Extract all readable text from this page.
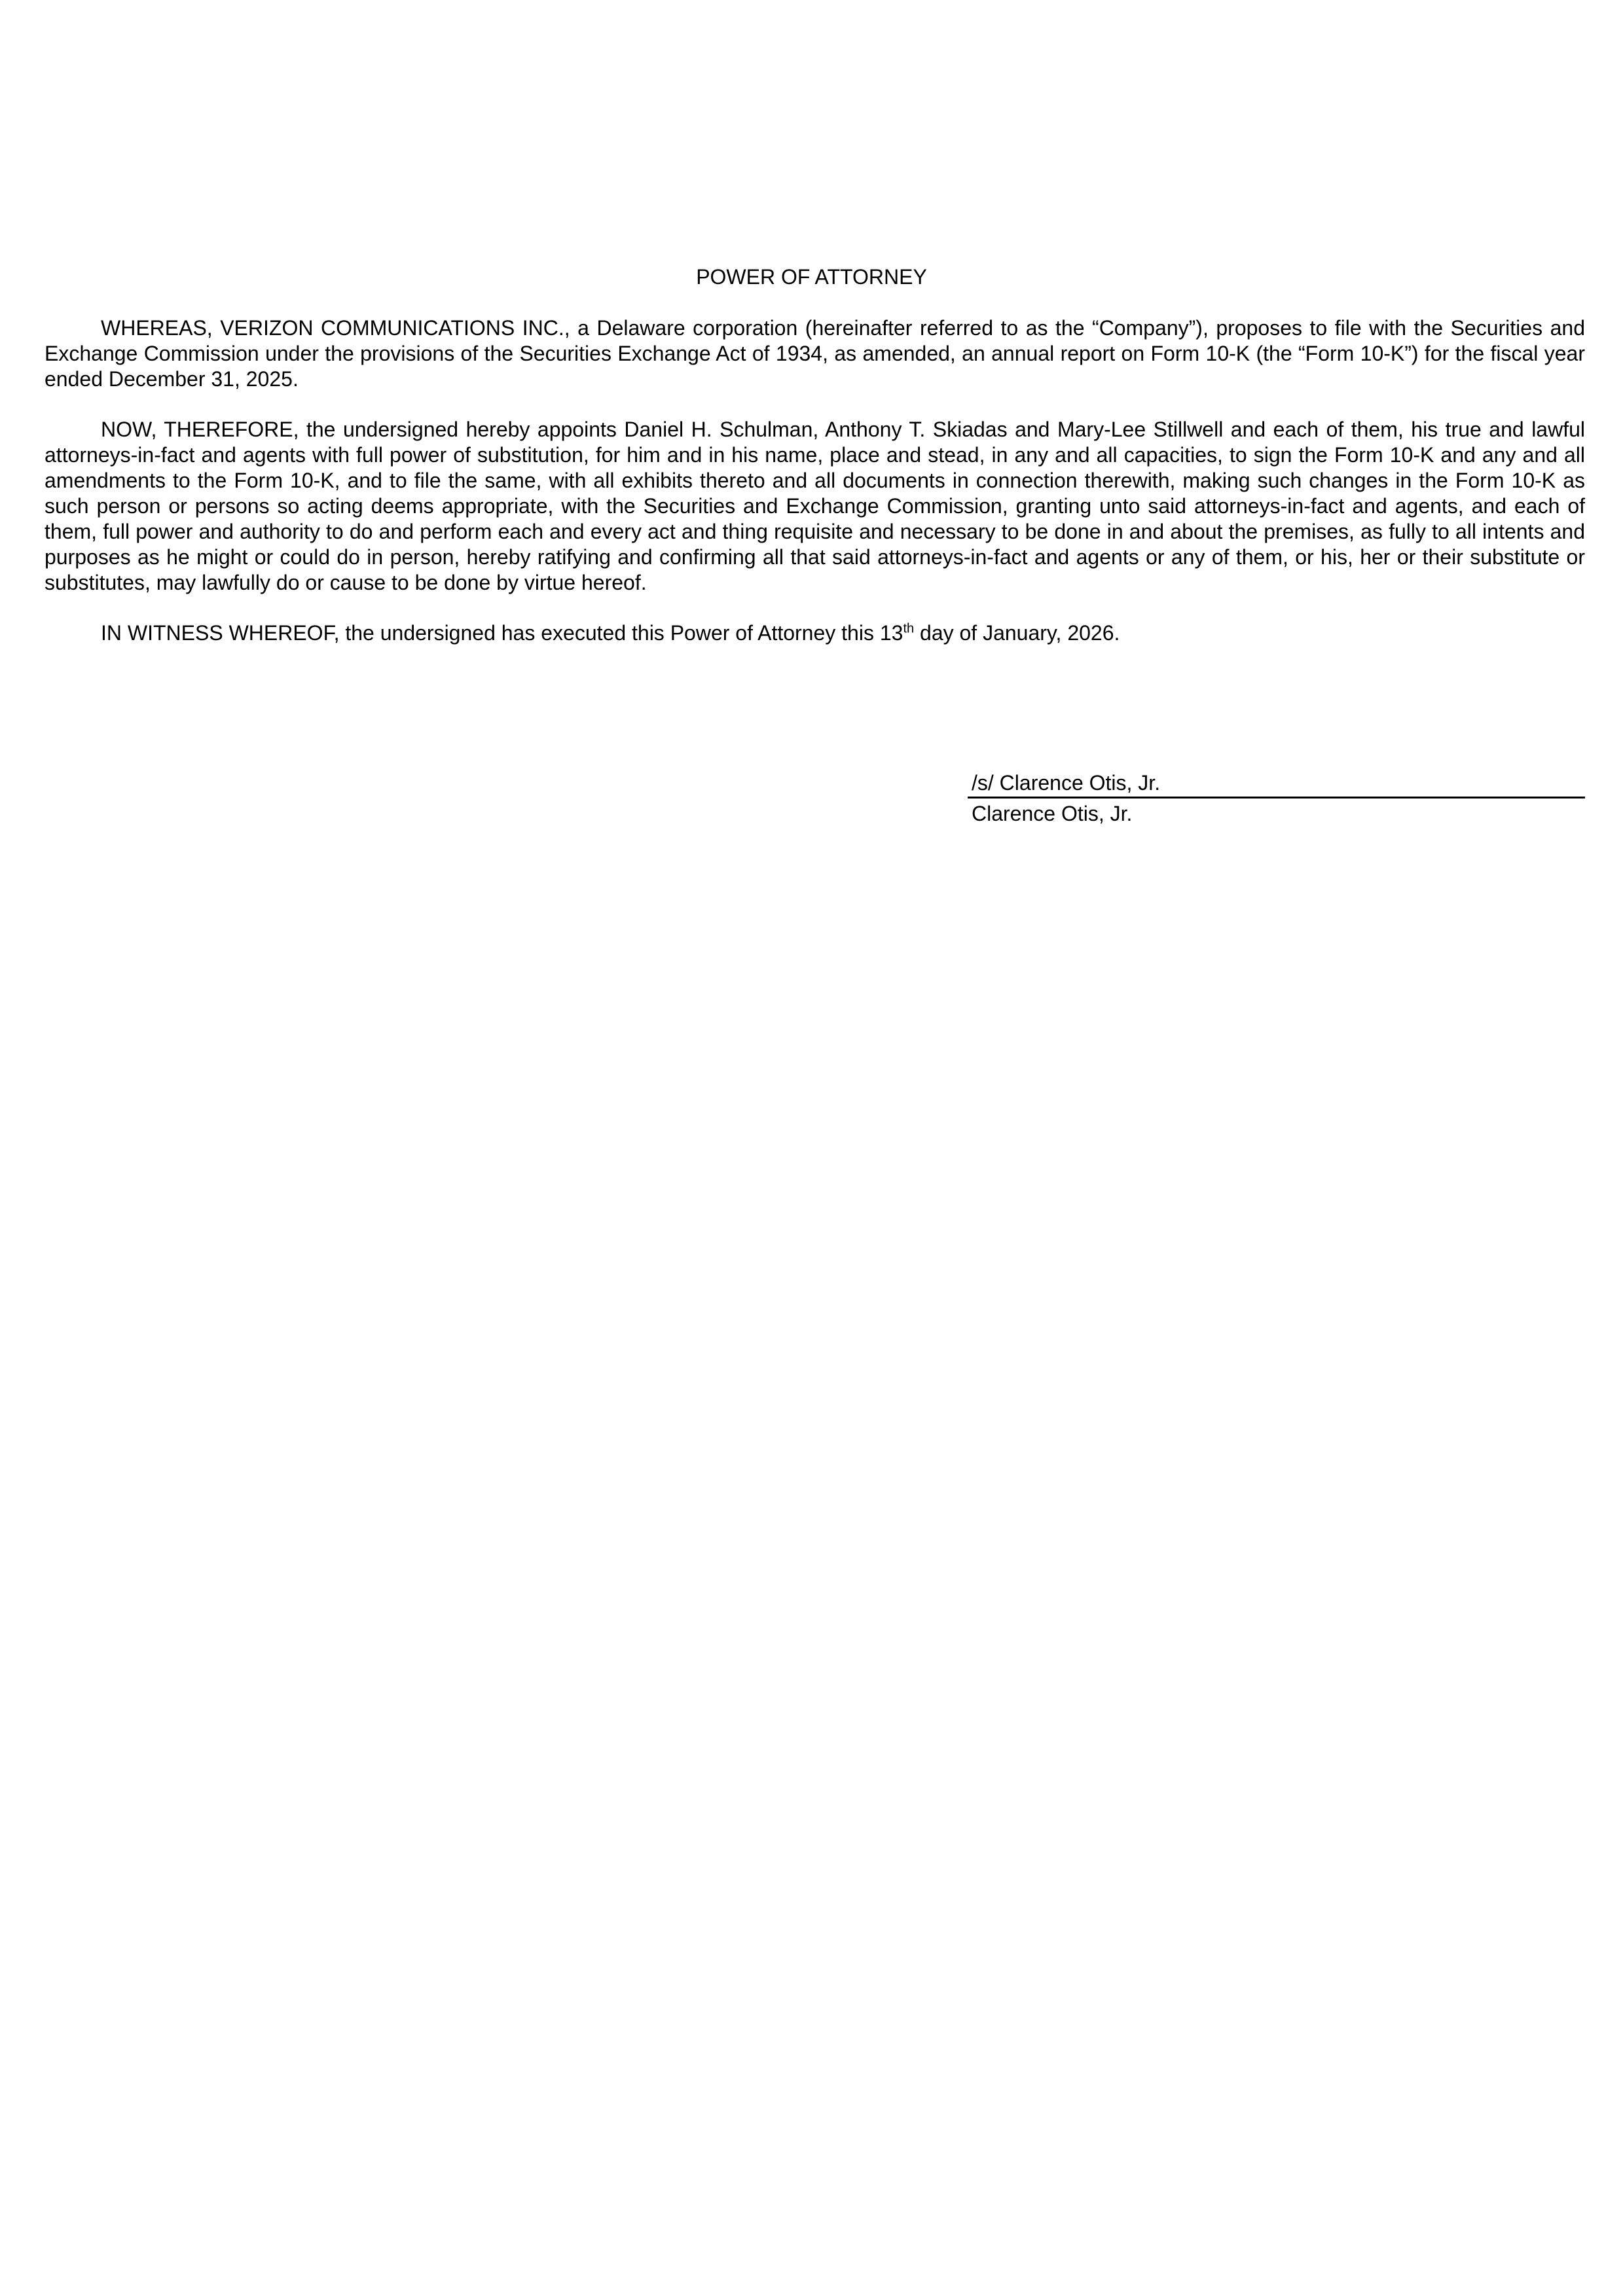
POWER OF ATTORNEY

WHEREAS, VERIZON COMMUNICATIONS INC., a Delaware corporation (hereinafter referred to as the “Company”), proposes to file with the Securities and Exchange Commission under the provisions of the Securities Exchange Act of 1934, as amended, an annual report on Form 10-K (the “Form 10-K”) for the fiscal year ended December 31, 2025.

NOW, THEREFORE, the undersigned hereby appoints Daniel H. Schulman, Anthony T. Skiadas and Mary-Lee Stillwell and each of them, his true and lawful attorneys-in-fact and agents with full power of substitution, for him and in his name, place and stead, in any and all capacities, to sign the Form 10-K and any and all amendments to the Form 10-K, and to file the same, with all exhibits thereto and all documents in connection therewith, making such changes in the Form 10-K as such person or persons so acting deems appropriate, with the Securities and Exchange Commission, granting unto said attorneys-in-fact and agents, and each of them, full power and authority to do and perform each and every act and thing requisite and necessary to be done in and about the premises, as fully to all intents and purposes as he might or could do in person, hereby ratifying and confirming all that said attorneys-in-fact and agents or any of them, or his, her or their substitute or substitutes, may lawfully do or cause to be done by virtue hereof.

IN WITNESS WHEREOF, the undersigned has executed this Power of Attorney this 13th day of January, 2026.

/s/ Clarence Otis, Jr.
Clarence Otis, Jr.
